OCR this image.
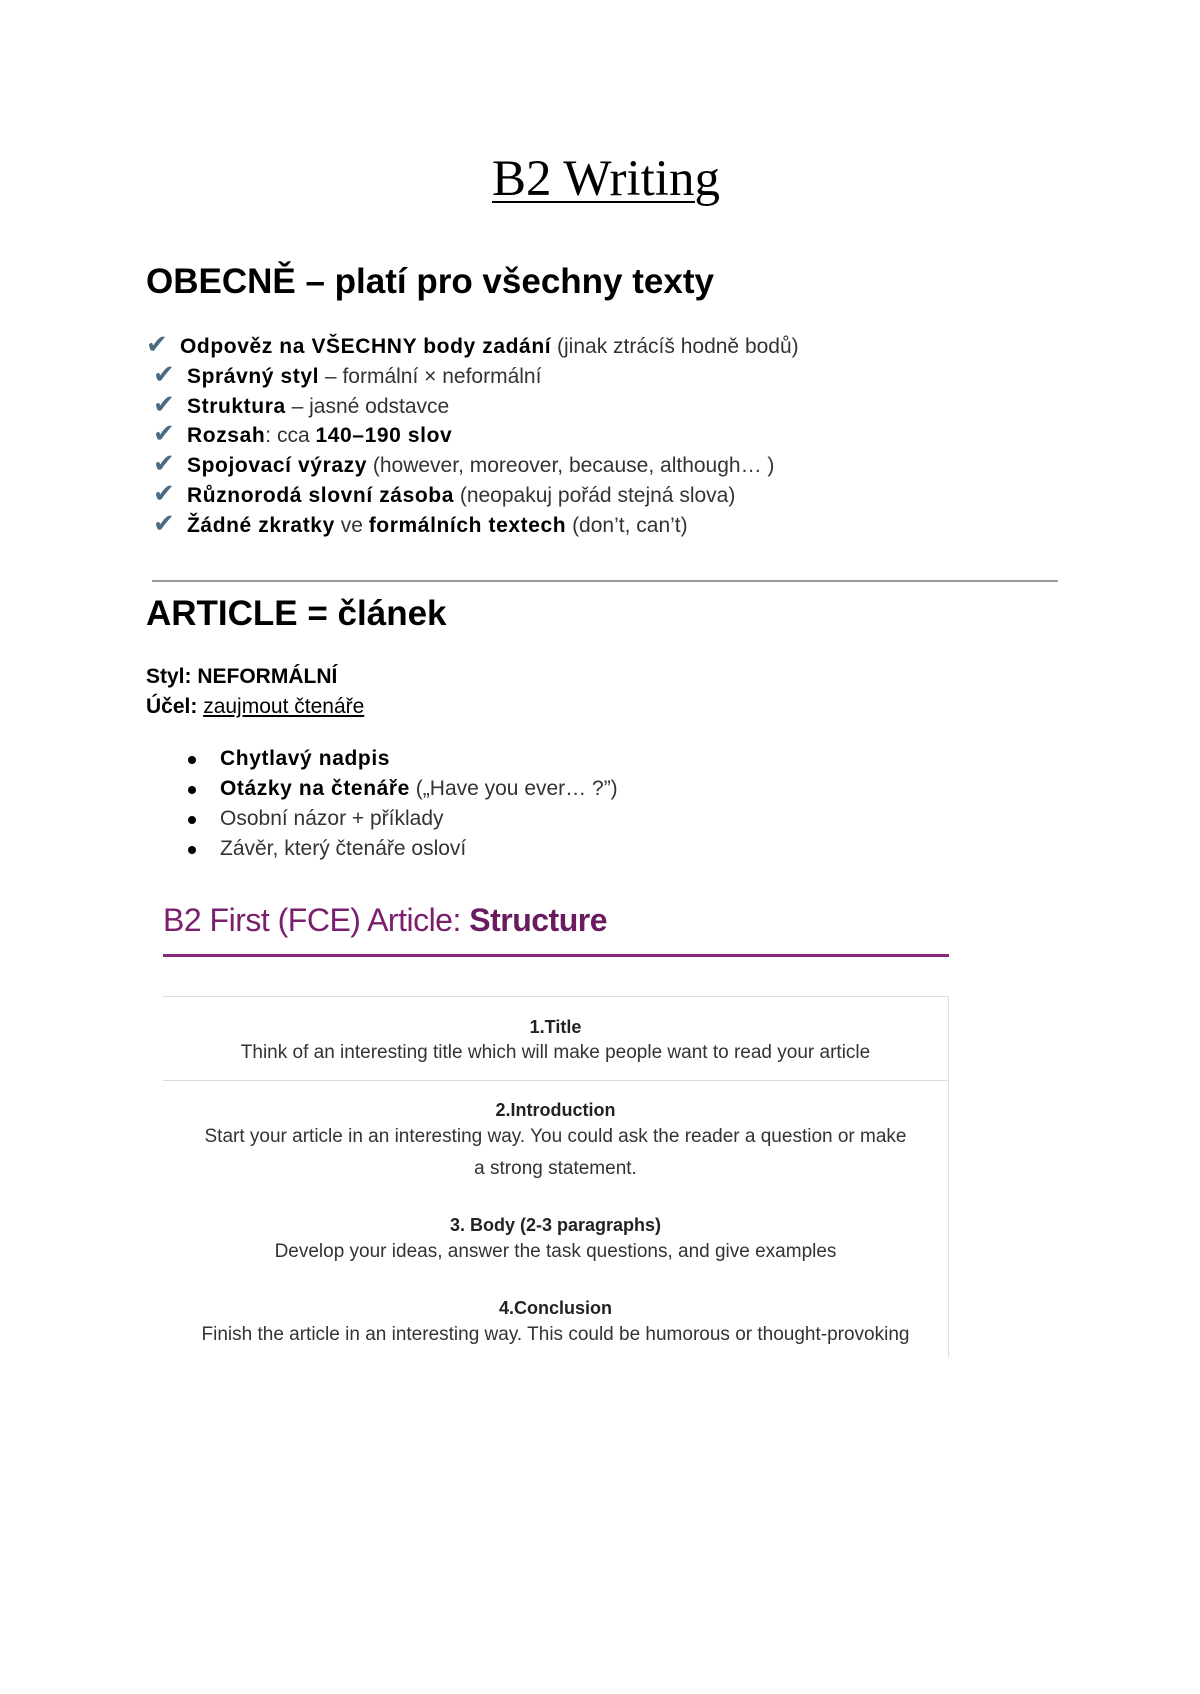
B2 Writing
OBECNĚ – platí pro všechny texty
✔ Odpověz na VŠECHNY body zadání (jinak ztrácíš hodně bodů)
✔ Správný styl – formální × neformální
✔ Struktura – jasné odstavce
✔ Rozsah: cca 140–190 slov
✔ Spojovací výrazy (however, moreover, because, although… )
✔ Různorodá slovní zásoba (neopakuj pořád stejná slova)
✔ Žádné zkratky ve formálních textech (don’t, can’t)
ARTICLE = článek
Styl: NEFORMÁLNÍ
Účel: zaujmout čtenáře
Chytlavý nadpis
Otázky na čtenáře („Have you ever… ?”)
Osobní názor + příklady
Závěr, který čtenáře osloví
B2 First (FCE) Article: Structure
1.Title
Think of an interesting title which will make people want to read your article
2.Introduction
Start your article in an interesting way. You could ask the reader a question or make
a strong statement.
3. Body (2-3 paragraphs)
Develop your ideas, answer the task questions, and give examples
4.Conclusion
Finish the article in an interesting way. This could be humorous or thought-provoking
